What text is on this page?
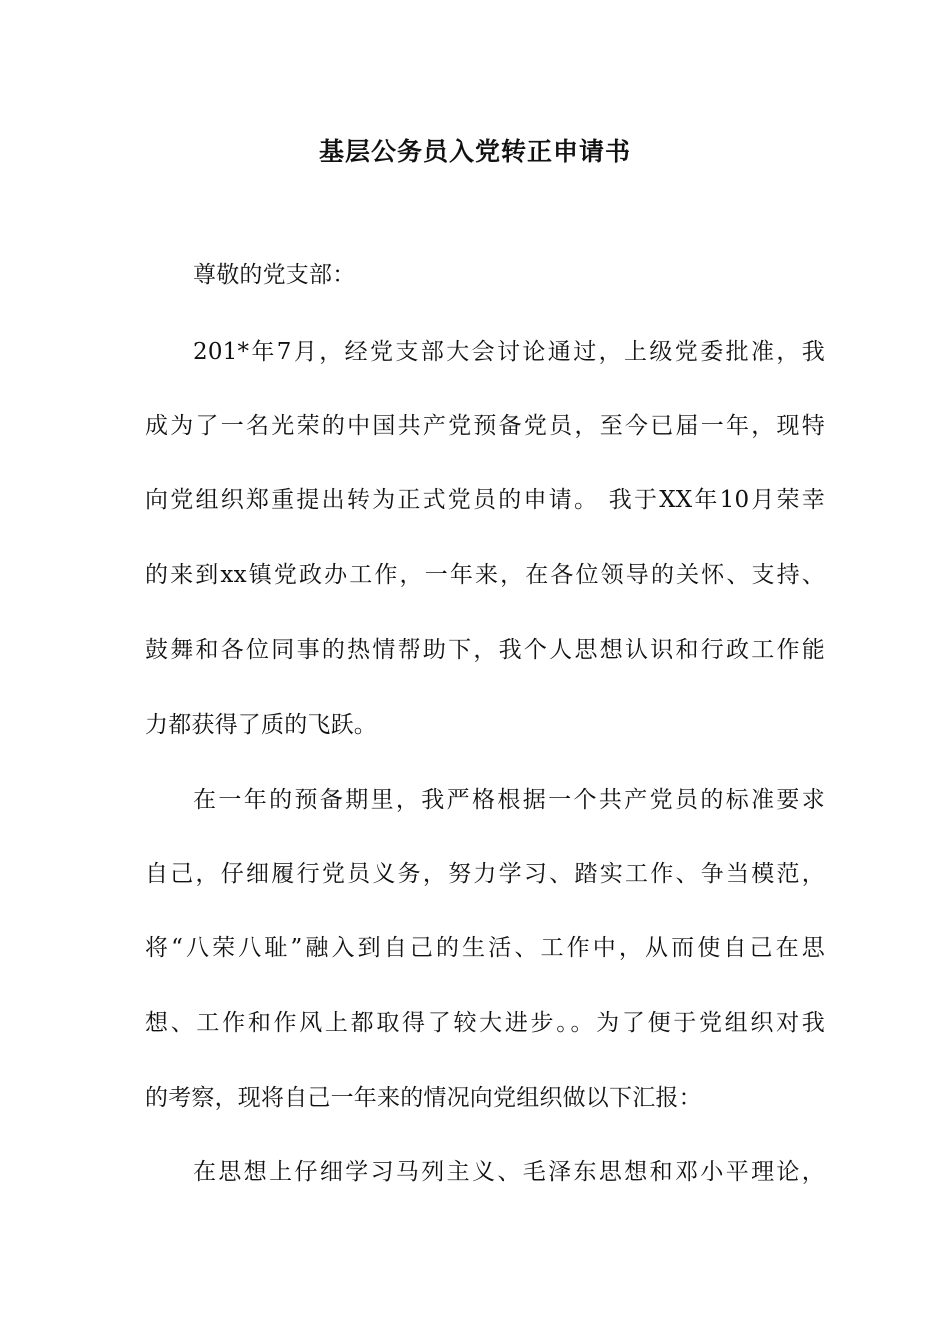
基层公务员入党转正申请书

尊敬的党支部：

201*年7月，经党支部大会讨论通过，上级党委批准，我

成为了一名光荣的中国共产党预备党员，至今已届一年，现特

向党组织郑重提出转为正式党员的申请。 我于XX年10月荣幸

的来到xx镇党政办工作，一年来，在各位领导的关怀、支持、

鼓舞和各位同事的热情帮助下，我个人思想认识和行政工作能

力都获得了质的飞跃。

在一年的预备期里，我严格根据一个共产党员的标准要求

自己，仔细履行党员义务，努力学习、踏实工作、争当模范，

将“八荣八耻”融入到自己的生活、工作中，从而使自己在思

想、工作和作风上都取得了较大进步。。为了便于党组织对我

的考察，现将自己一年来的情况向党组织做以下汇报：

在思想上仔细学习马列主义、毛泽东思想和邓小平理论，
